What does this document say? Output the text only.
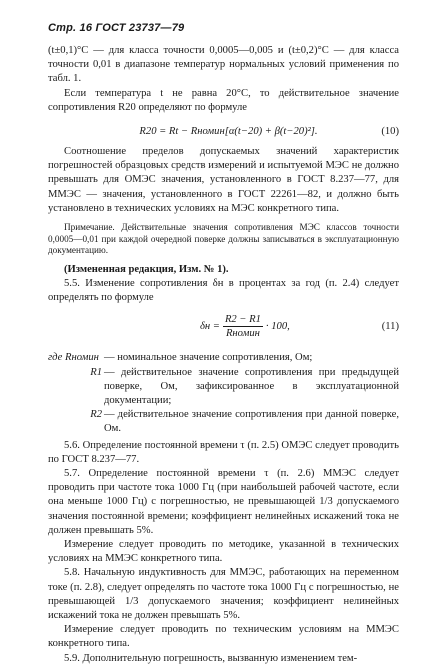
Стр. 16 ГОСТ 23737—79

(t±0,1)°С — для класса точности 0,0005—0,005 и (t±0,2)°С — для класса точности 0,01 в диапазоне температур нормальных условий применения по табл. 1.

Если температура t не равна 20°С, то действительное значение сопротивления R20 определяют по формуле

R20 = Rt − Rномин[α(t−20) + β(t−20)²].	(10)

Соотношение пределов допускаемых значений характеристик погрешностей образцовых средств измерений и испытуемой МЭС не должно превышать для ОМЭС значения, установленного в ГОСТ 8.237—77, для ММЭС — значения, установленного в ГОСТ 22261—82, и должно быть установлено в технических условиях на МЭС конкретного типа.

Примечание. Действительные значения сопротивления МЭС классов точности 0,0005—0,01 при каждой очередной поверке должны записываться в эксплуатационную документацию.

(Измененная редакция, Изм. № 1).

5.5. Изменение сопротивления δн в процентах за год (п. 2.4) следует определять по формуле

$\delta н = \frac{R2 - R1}{\text{Rномин}} \cdot 100$,	(11)
где Rномин — номинальное значение сопротивления, Ом;
R1 — действительное значение сопротивления при предыдущей поверке, Ом, зафиксированное в эксплуатационной документации;
R2 — действительное значение сопротивления при данной поверке, Ом.

5.6. Определение постоянной времени τ (п. 2.5) ОМЭС следует проводить по ГОСТ 8.237—77.

5.7. Определение постоянной времени τ (п. 2.6) ММЭС следует проводить при частоте тока 1000 Гц (при наибольшей рабочей частоте, если она меньше 1000 Гц) с погрешностью, не превышающей 1/3 допускаемого значения постоянной времени; коэффициент нелинейных искажений тока не должен превышать 5%.

Измерение следует проводить по методике, указанной в технических условиях на ММЭС конкретного типа.

5.8. Начальную индуктивность для ММЭС, работающих на переменном токе (п. 2.8), следует определять по частоте тока 1000 Гц с погрешностью, не превышающей 1/3 допускаемого значения; коэффициент нелинейных искажений тока не должен превышать 5%.

Измерение следует проводить по техническим условиям на ММЭС конкретного типа.

5.9. Дополнительную погрешность, вызванную изменением тем-
